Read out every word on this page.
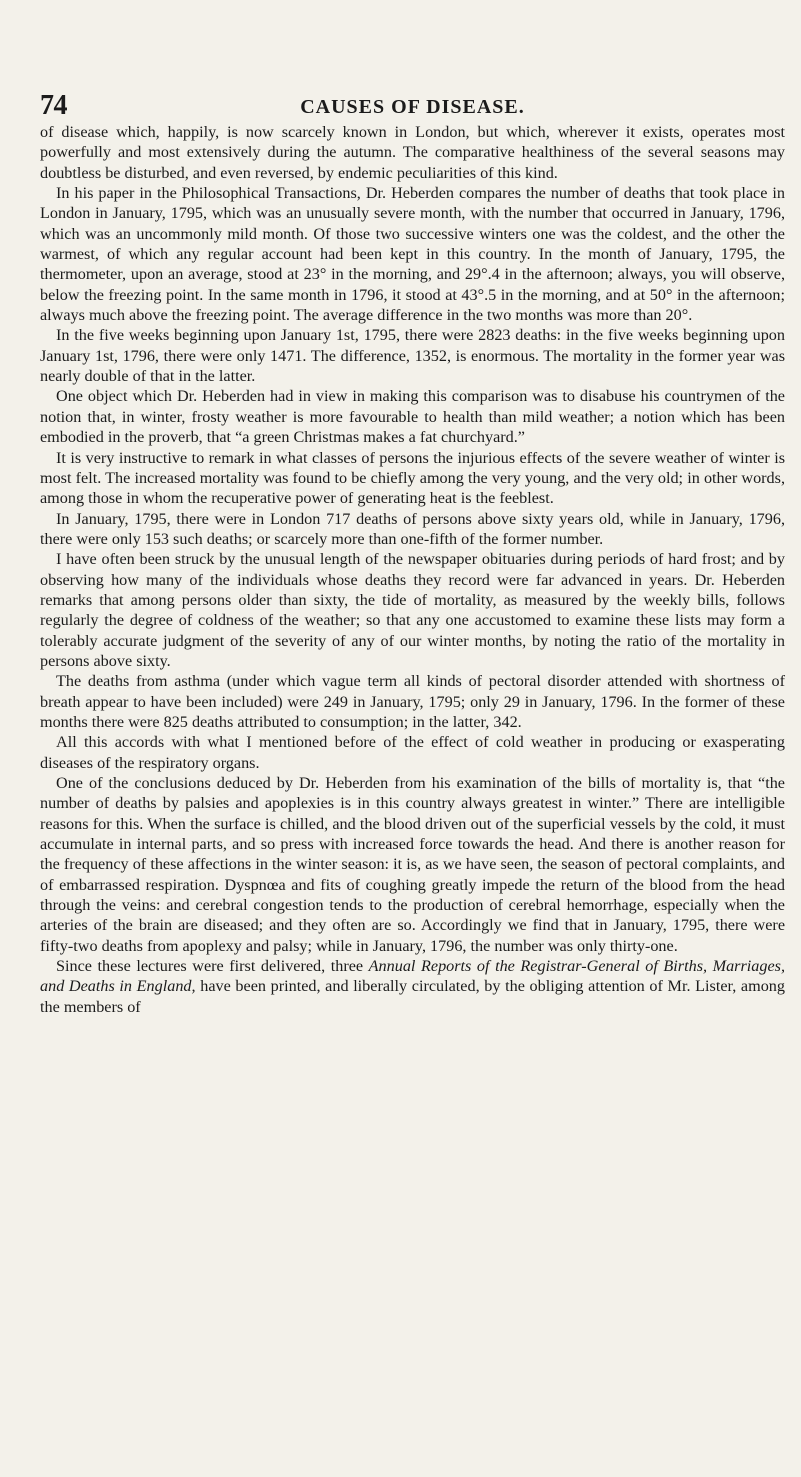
74	CAUSES OF DISEASE.

of disease which, happily, is now scarcely known in London, but which, wherever it exists, operates most powerfully and most extensively during the autumn. The comparative healthiness of the several seasons may doubtless be disturbed, and even reversed, by endemic peculiarities of this kind.

In his paper in the Philosophical Transactions, Dr. Heberden compares the number of deaths that took place in London in January, 1795, which was an unusually severe month, with the number that occurred in January, 1796, which was an uncommonly mild month. Of those two successive winters one was the coldest, and the other the warmest, of which any regular account had been kept in this country. In the month of January, 1795, the thermometer, upon an average, stood at 23° in the morning, and 29°.4 in the afternoon; always, you will observe, below the freezing point. In the same month in 1796, it stood at 43°.5 in the morning, and at 50° in the afternoon; always much above the freezing point. The average difference in the two months was more than 20°.

In the five weeks beginning upon January 1st, 1795, there were 2823 deaths: in the five weeks beginning upon January 1st, 1796, there were only 1471. The difference, 1352, is enormous. The mortality in the former year was nearly double of that in the latter.

One object which Dr. Heberden had in view in making this comparison was to disabuse his countrymen of the notion that, in winter, frosty weather is more favourable to health than mild weather; a notion which has been embodied in the proverb, that “a green Christmas makes a fat churchyard.”

It is very instructive to remark in what classes of persons the injurious effects of the severe weather of winter is most felt. The increased mortality was found to be chiefly among the very young, and the very old; in other words, among those in whom the recuperative power of generating heat is the feeblest.

In January, 1795, there were in London 717 deaths of persons above sixty years old, while in January, 1796, there were only 153 such deaths; or scarcely more than one-fifth of the former number.

I have often been struck by the unusual length of the newspaper obituaries during periods of hard frost; and by observing how many of the individuals whose deaths they record were far advanced in years. Dr. Heberden remarks that among persons older than sixty, the tide of mortality, as measured by the weekly bills, follows regularly the degree of coldness of the weather; so that any one accustomed to examine these lists may form a tolerably accurate judgment of the severity of any of our winter months, by noting the ratio of the mortality in persons above sixty.

The deaths from asthma (under which vague term all kinds of pectoral disorder attended with shortness of breath appear to have been included) were 249 in January, 1795; only 29 in January, 1796. In the former of these months there were 825 deaths attributed to consumption; in the latter, 342.

All this accords with what I mentioned before of the effect of cold weather in producing or exasperating diseases of the respiratory organs.

One of the conclusions deduced by Dr. Heberden from his examination of the bills of mortality is, that “the number of deaths by palsies and apoplexies is in this country always greatest in winter.” There are intelligible reasons for this. When the surface is chilled, and the blood driven out of the superficial vessels by the cold, it must accumulate in internal parts, and so press with increased force towards the head. And there is another reason for the frequency of these affections in the winter season: it is, as we have seen, the season of pectoral complaints, and of embarrassed respiration. Dyspnœa and fits of coughing greatly impede the return of the blood from the head through the veins: and cerebral congestion tends to the production of cerebral hemorrhage, especially when the arteries of the brain are diseased; and they often are so. Accordingly we find that in January, 1795, there were fifty-two deaths from apoplexy and palsy; while in January, 1796, the number was only thirty-one.

Since these lectures were first delivered, three Annual Reports of the Registrar-General of Births, Marriages, and Deaths in England, have been printed, and liberally circulated, by the obliging attention of Mr. Lister, among the members of
